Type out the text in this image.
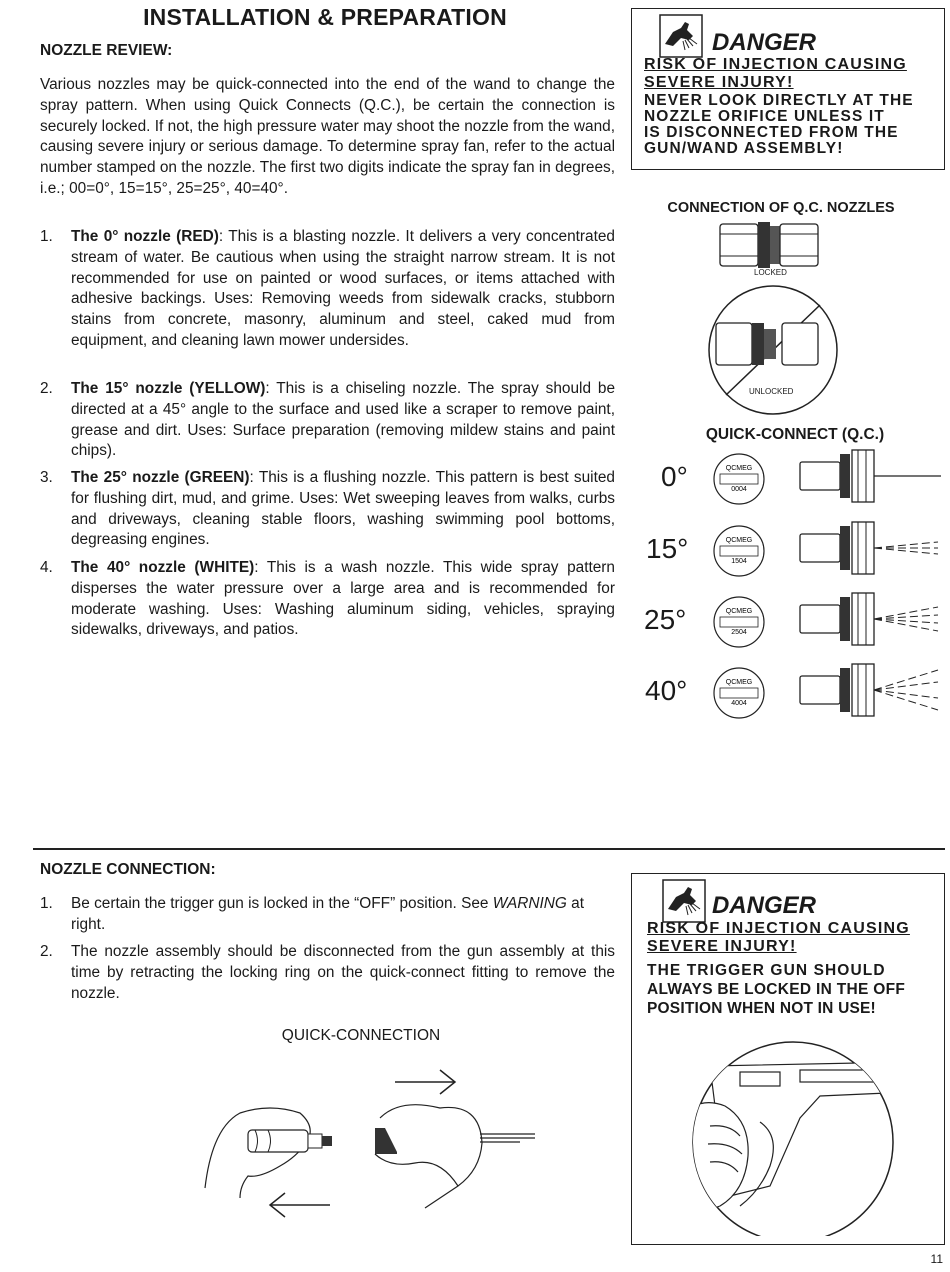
INSTALLATION & PREPARATION
NOZZLE REVIEW:
Various nozzles may be quick-connected into the end of the wand to change the spray pattern. When using Quick Connects (Q.C.), be certain the connection is securely locked. If not, the high pressure water may shoot the nozzle from the wand, causing severe injury or serious damage. To determine spray fan, refer to the actual number stamped on the nozzle. The first two digits indicate the spray fan in degrees, i.e.; 00=0°, 15=15°, 25=25°, 40=40°.
1. The 0° nozzle (RED): This is a blasting nozzle. It delivers a very concentrated stream of water. Be cautious when using the straight narrow stream. It is not recommended for use on painted or wood surfaces, or items attached with adhesive backings. Uses: Removing weeds from sidewalk cracks, stubborn stains from concrete, masonry, aluminum and steel, caked mud from equipment, and cleaning lawn mower undersides.
2. The 15° nozzle (YELLOW): This is a chiseling nozzle. The spray should be directed at a 45° angle to the surface and used like a scraper to remove paint, grease and dirt. Uses: Surface preparation (removing mildew stains and paint chips).
3. The 25° nozzle (GREEN): This is a flushing nozzle. This pattern is best suited for flushing dirt, mud, and grime. Uses: Wet sweeping leaves from walks, curbs and driveways, cleaning stable floors, washing swimming pool bottoms, degreasing engines.
4. The 40° nozzle (WHITE): This is a wash nozzle. This wide spray pattern disperses the water pressure over a large area and is recommended for moderate washing. Uses: Washing aluminum siding, vehicles, spraying sidewalks, driveways, and patios.
DANGER
RISK OF INJECTION CAUSING
SEVERE INJURY!
NEVER LOOK DIRECTLY AT THE
NOZZLE ORIFICE UNLESS IT
IS DISCONNECTED FROM THE
GUN/WAND ASSEMBLY!
CONNECTION OF Q.C. NOZZLES
LOCKED
UNLOCKED
QUICK-CONNECT (Q.C.)
0°	QCMEG
0004
15°	QCMEG
1504
25°	QCMEG
2504
40°	QCMEG
4004
NOZZLE CONNECTION:
1. Be certain the trigger gun is locked in the “OFF” position. See WARNING at right.
2. The nozzle assembly should be disconnected from the gun assembly at this time by retracting the locking ring on the quick-connect fitting to remove the nozzle.
QUICK-CONNECTION
DANGER
RISK OF INJECTION CAUSING
SEVERE INJURY!
THE TRIGGER GUN SHOULD
ALWAYS BE LOCKED IN THE OFF
POSITION WHEN NOT IN USE!
11
